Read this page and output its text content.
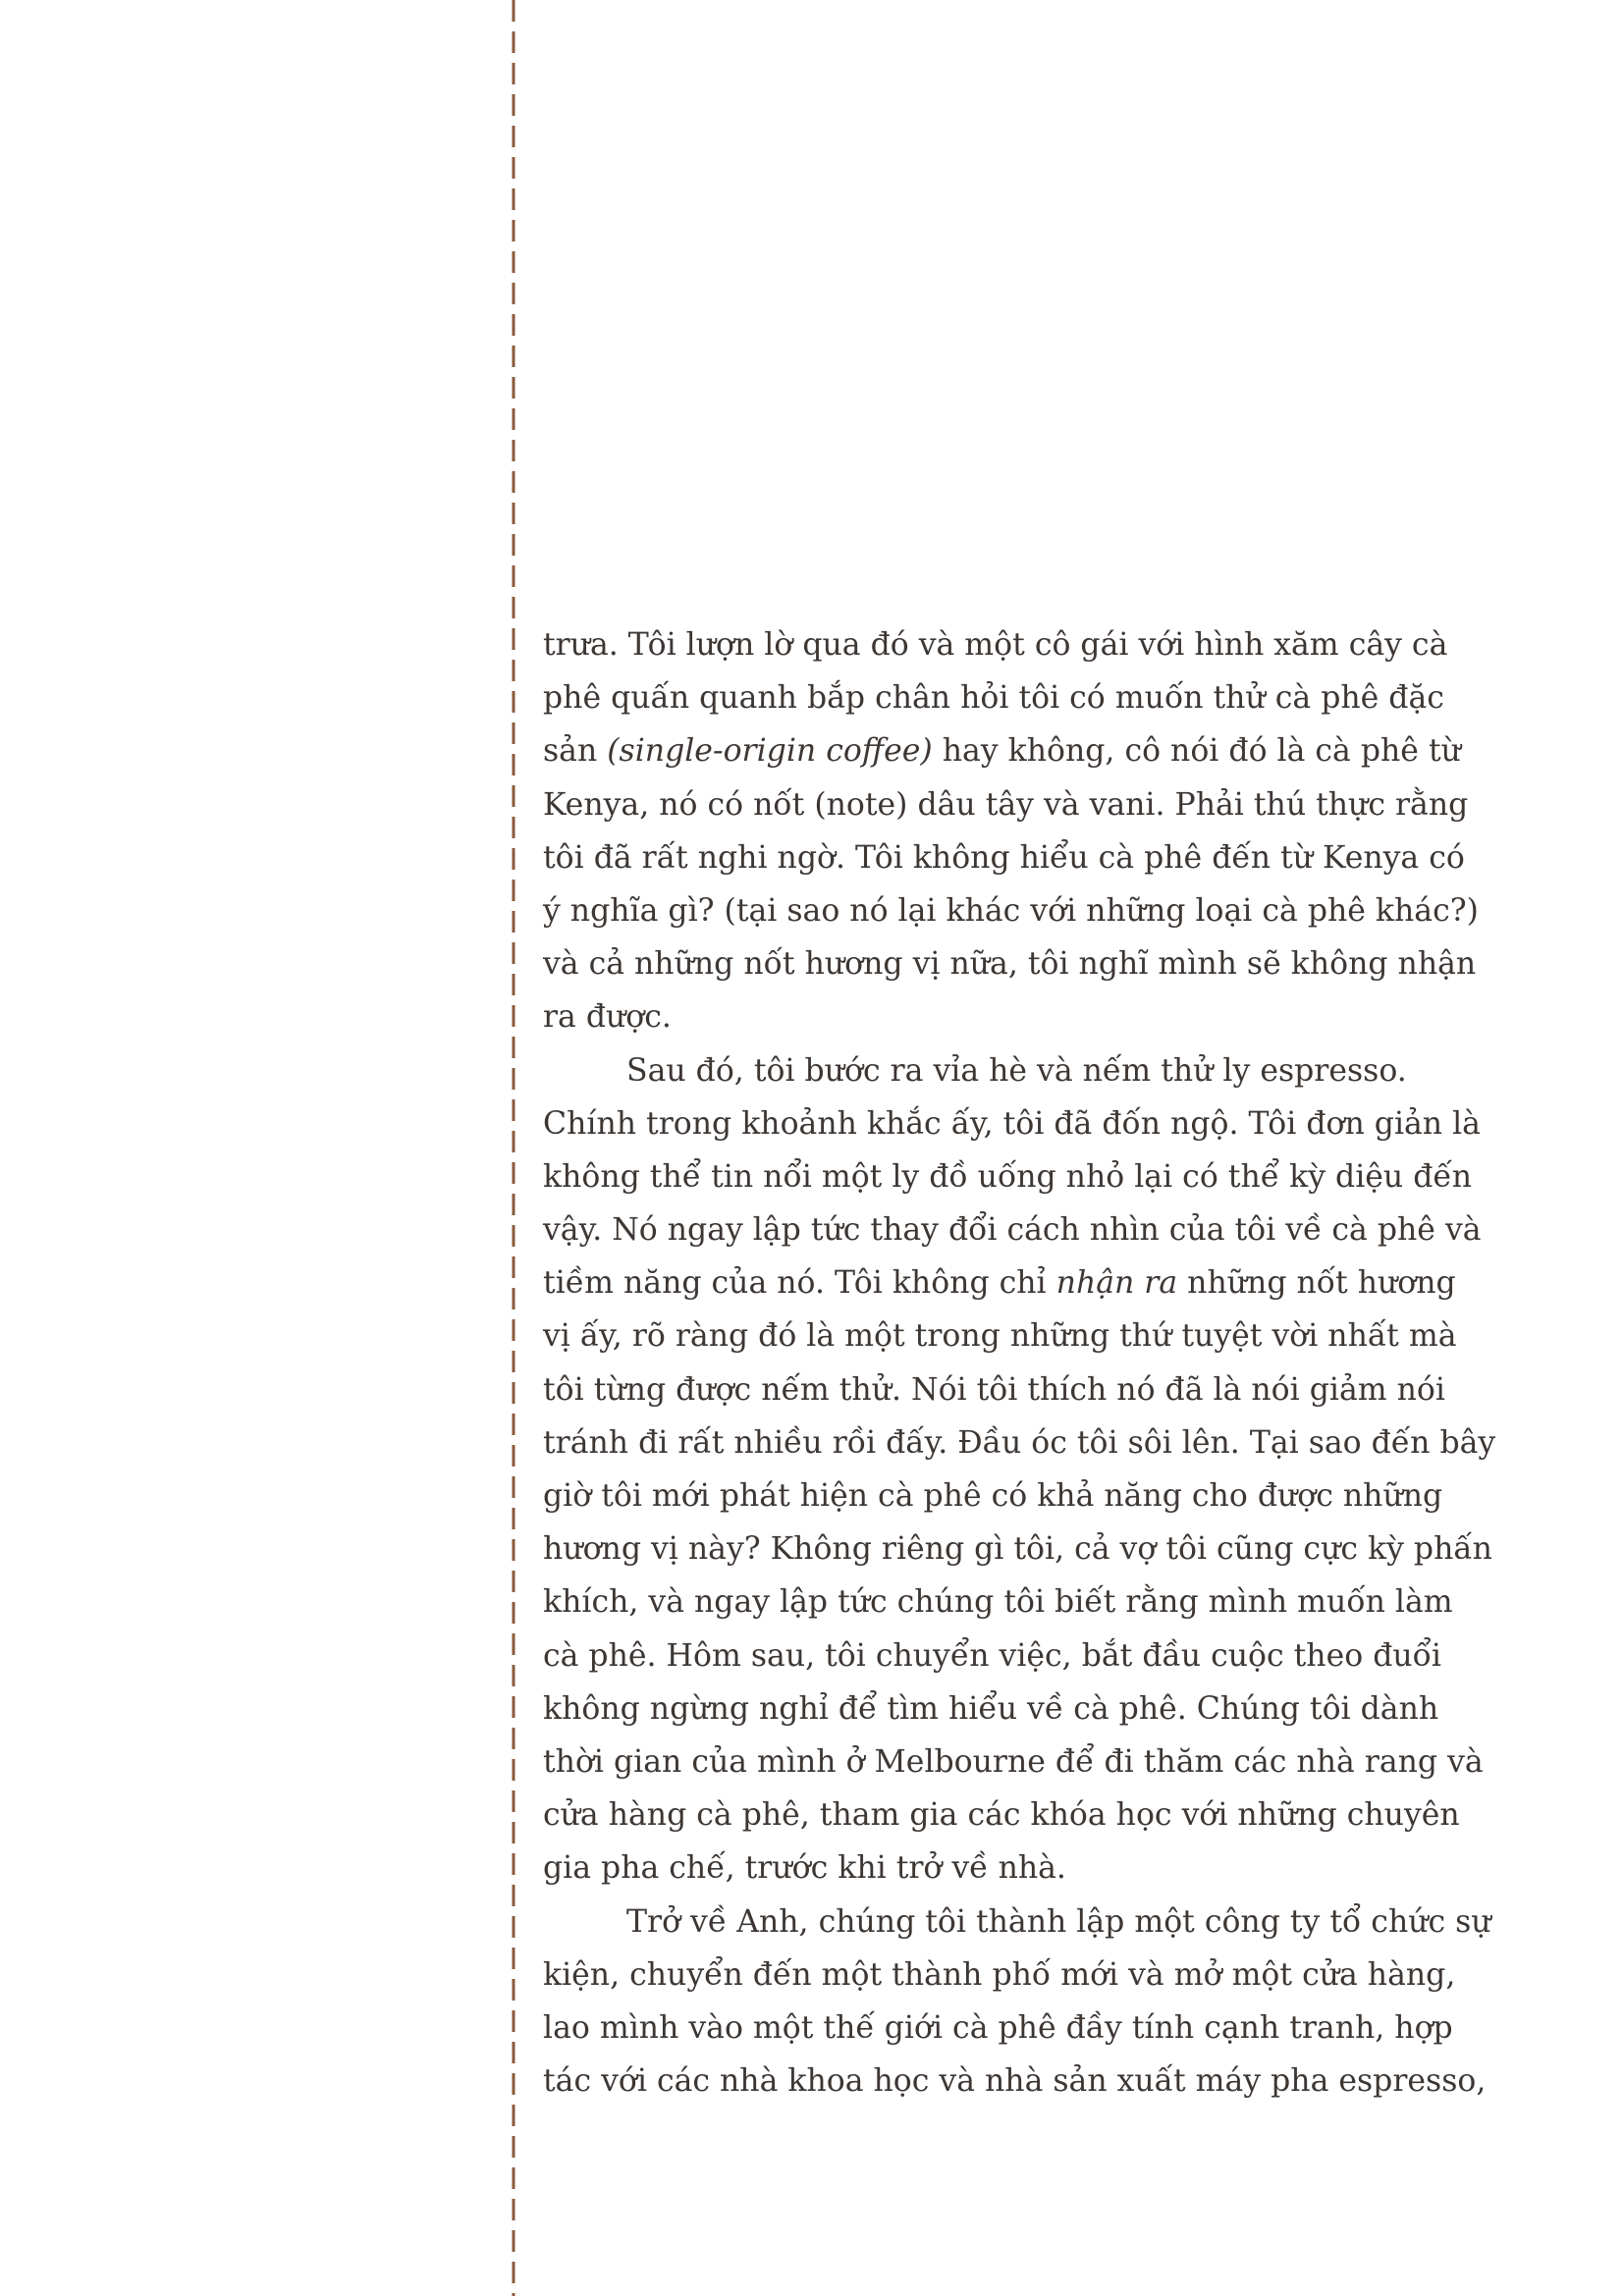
trưa. Tôi lượn lờ qua đó và một cô gái với hình xăm cây cà
phê quấn quanh bắp chân hỏi tôi có muốn thử cà phê đặc
sản (single-origin coffee) hay không, cô nói đó là cà phê từ
Kenya, nó có nốt (note) dâu tây và vani. Phải thú thực rằng
tôi đã rất nghi ngờ. Tôi không hiểu cà phê đến từ Kenya có
ý nghĩa gì? (tại sao nó lại khác với những loại cà phê khác?)
và cả những nốt hương vị nữa, tôi nghĩ mình sẽ không nhận
ra được.
Sau đó, tôi bước ra vỉa hè và nếm thử ly espresso.
Chính trong khoảnh khắc ấy, tôi đã đốn ngộ. Tôi đơn giản là
không thể tin nổi một ly đồ uống nhỏ lại có thể kỳ diệu đến
vậy. Nó ngay lập tức thay đổi cách nhìn của tôi về cà phê và
tiềm năng của nó. Tôi không chỉ nhận ra những nốt hương
vị ấy, rõ ràng đó là một trong những thứ tuyệt vời nhất mà
tôi từng được nếm thử. Nói tôi thích nó đã là nói giảm nói
tránh đi rất nhiều rồi đấy. Đầu óc tôi sôi lên. Tại sao đến bây
giờ tôi mới phát hiện cà phê có khả năng cho được những
hương vị này? Không riêng gì tôi, cả vợ tôi cũng cực kỳ phấn
khích, và ngay lập tức chúng tôi biết rằng mình muốn làm
cà phê. Hôm sau, tôi chuyển việc, bắt đầu cuộc theo đuổi
không ngừng nghỉ để tìm hiểu về cà phê. Chúng tôi dành
thời gian của mình ở Melbourne để đi thăm các nhà rang và
cửa hàng cà phê, tham gia các khóa học với những chuyên
gia pha chế, trước khi trở về nhà.
Trở về Anh, chúng tôi thành lập một công ty tổ chức sự
kiện, chuyển đến một thành phố mới và mở một cửa hàng,
lao mình vào một thế giới cà phê đầy tính cạnh tranh, hợp
tác với các nhà khoa học và nhà sản xuất máy pha espresso,
